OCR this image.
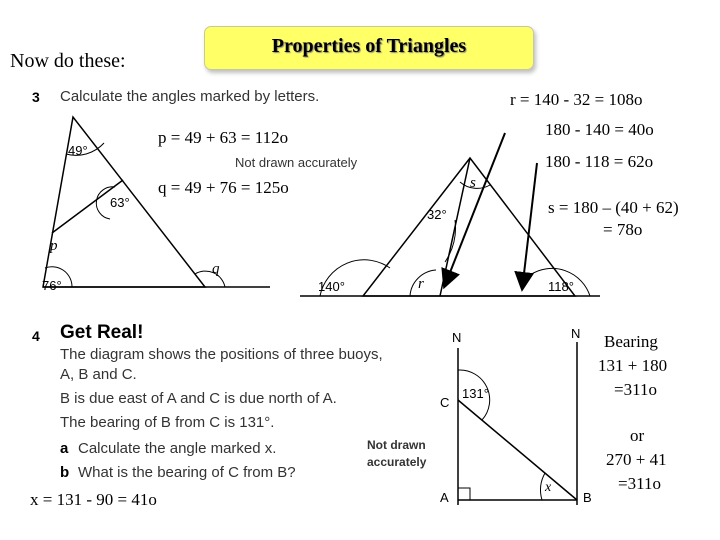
Now do these:
Properties of Triangles
3 Calculate the angles marked by letters.
Not drawn accurately
49°
63°
p
76°
q
32°
s
140°	r	118°
p = 49 + 63 = 112o
q = 49 + 76 = 125o
r = 140 - 32 = 108o
180 - 140 = 40o
180 - 118 = 62o
s = 180 – (40 + 62)
= 78o
4 Get Real!
The diagram shows the positions of three buoys,
A, B and C.
B is due east of A and C is due north of A.
The bearing of B from C is 131°.
a Calculate the angle marked x.
b What is the bearing of C from B?
x = 131 - 90 = 41o
Not drawn
accurately
N	N
C
A	B
131°
x
Bearing
131 + 180
=311o
or
270 + 41
=311o
